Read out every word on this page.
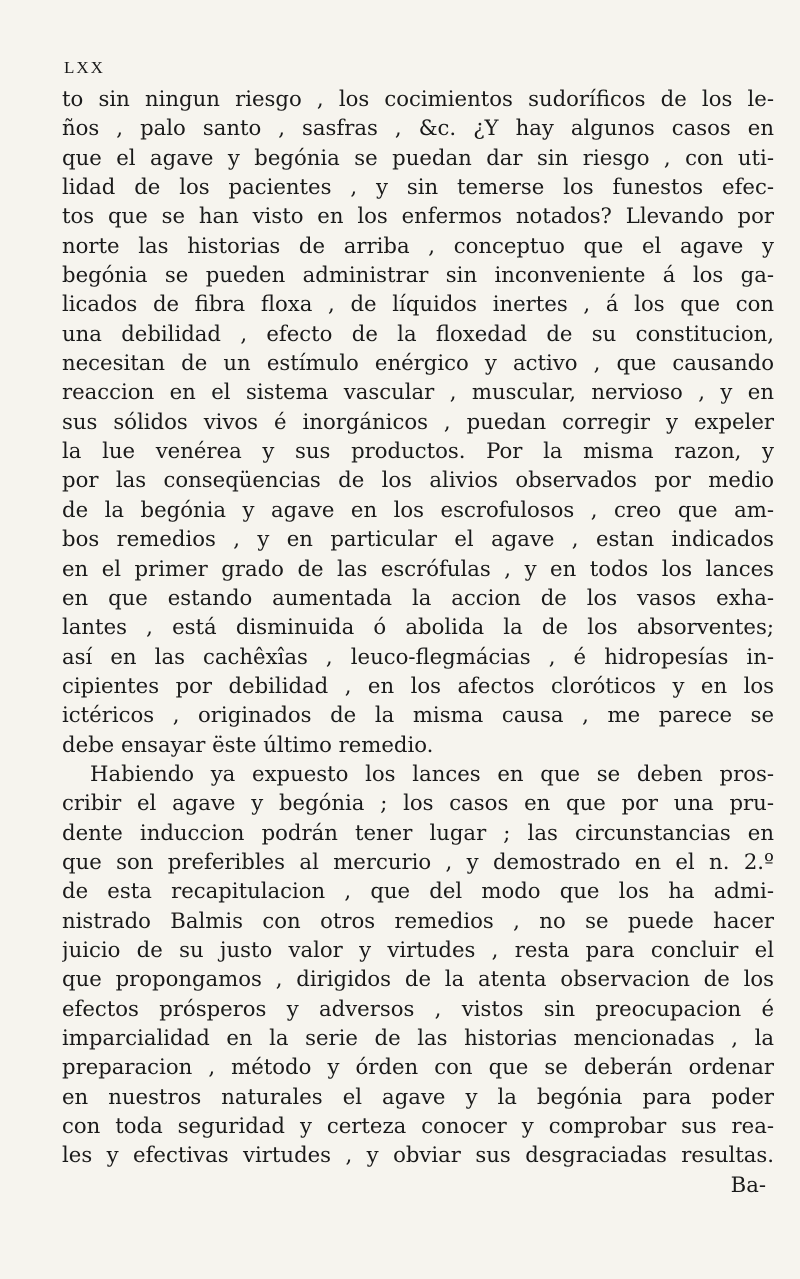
LXX
to sin ningun riesgo , los cocimientos sudoríficos de los le-
ños , palo santo , sasfras , &c. ¿Y hay algunos casos en
que el agave y begónia se puedan dar sin riesgo , con uti-
lidad de los pacientes , y sin temerse los funestos efec-
tos que se han visto en los enfermos notados? Llevando por
norte las historias de arriba , conceptuo que el agave y
begónia se pueden administrar sin inconveniente á los ga-
licados de fibra floxa , de líquidos inertes , á los que con
una debilidad , efecto de la floxedad de su constitucion,
necesitan de un estímulo enérgico y activo , que causando
reaccion en el sistema vascular , muscular, nervioso , y en
sus sólidos vivos é inorgánicos , puedan corregir y expeler
la lue venérea y sus productos. Por la misma razon, y
por las conseqüencias de los alivios observados por medio
de la begónia y agave en los escrofulosos , creo que am-
bos remedios , y en particular el agave , estan indicados
en el primer grado de las escrófulas , y en todos los lances
en que estando aumentada la accion de los vasos exha-
lantes , está disminuida ó abolida la de los absorventes;
así en las cachêxîas , leuco-flegmácias , é hidropesías in-
cipientes por debilidad , en los afectos cloróticos y en los
ictéricos , originados de la misma causa , me parece se
debe ensayar ëste último remedio.
Habiendo ya expuesto los lances en que se deben pros-
cribir el agave y begónia ; los casos en que por una pru-
dente induccion podrán tener lugar ; las circunstancias en
que son preferibles al mercurio , y demostrado en el n. 2.º
de esta recapitulacion , que del modo que los ha admi-
nistrado Balmis con otros remedios , no se puede hacer
juicio de su justo valor y virtudes , resta para concluir el
que propongamos , dirigidos de la atenta observacion de los
efectos prósperos y adversos , vistos sin preocupacion é
imparcialidad en la serie de las historias mencionadas , la
preparacion , método y órden con que se deberán ordenar
en nuestros naturales el agave y la begónia para poder
con toda seguridad y certeza conocer y comprobar sus rea-
les y efectivas virtudes , y obviar sus desgraciadas resultas.
Ba-
